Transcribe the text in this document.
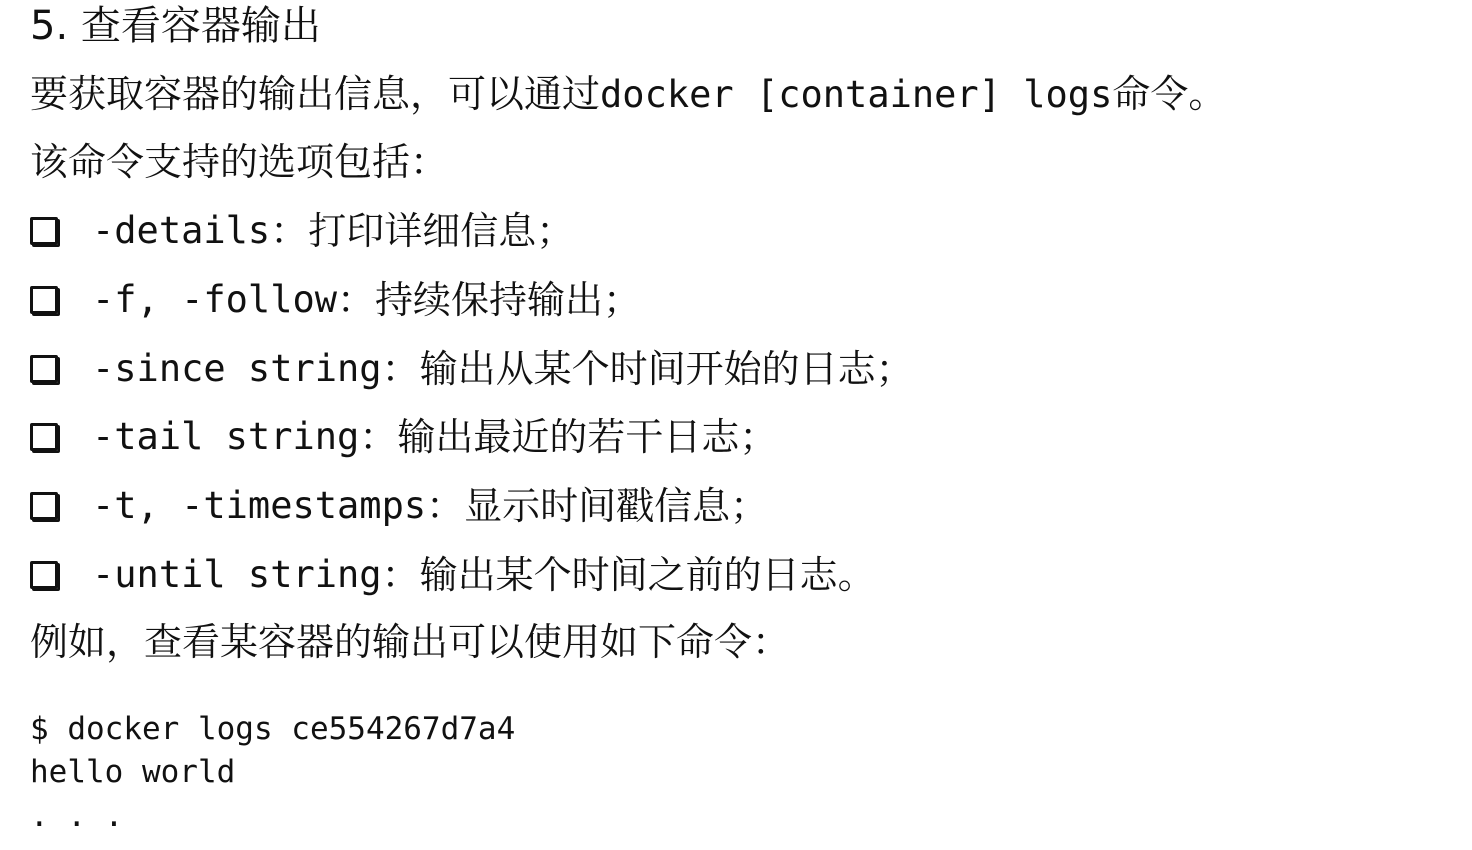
5. 查看容器输出
要获取容器的输出信息，可以通过docker [container] logs命令。
该命令支持的选项包括：
-details ：打印详细信息；
-f, -follow ：持续保持输出；
-since string ：输出从某个时间开始的日志；
-tail string ：输出最近的若干日志；
-t, -timestamps ：显示时间戳信息；
-until string ：输出某个时间之前的日志。
例如，查看某容器的输出可以使用如下命令：
$ docker logs ce554267d7a4
hello world
. . .
